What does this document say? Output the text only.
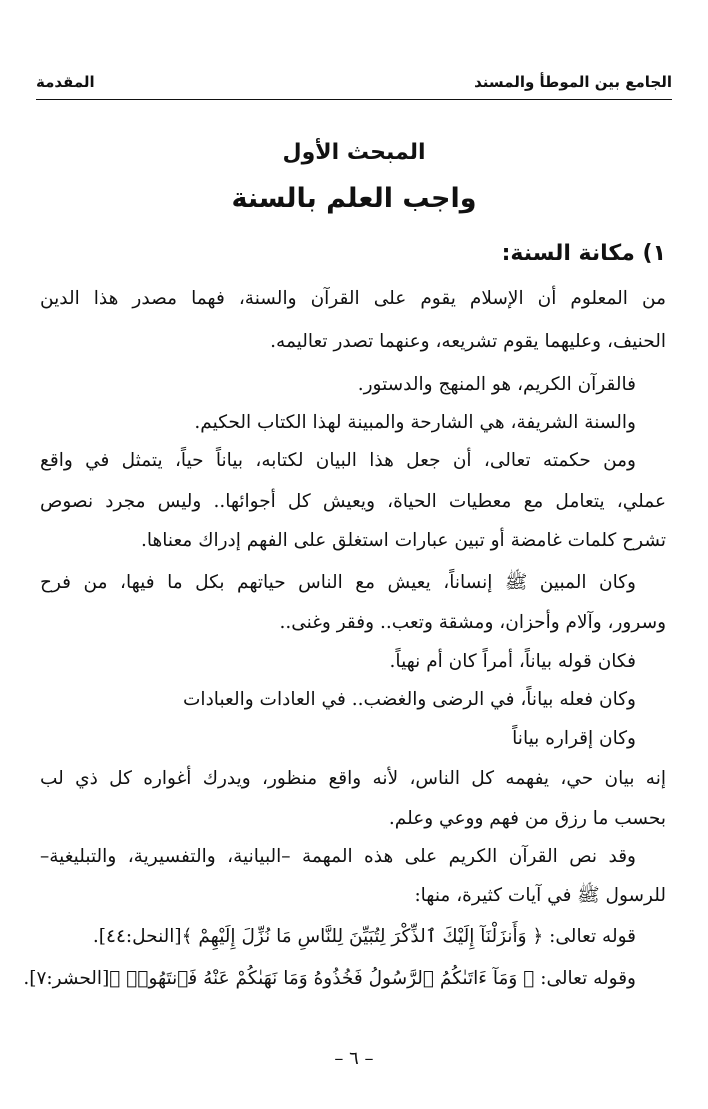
الجامع بين الموطأ والمسند
المقدمة
المبحث الأول
واجب العلم بالسنة
١) مكانة السنة:
من المعلوم أن الإسلام يقوم على القرآن والسنة، فهما مصدر هذا الدين
الحنيف، وعليهما يقوم تشريعه، وعنهما تصدر تعاليمه.
فالقرآن الكريم، هو المنهج والدستور.
والسنة الشريفة، هي الشارحة والمبينة لهذا الكتاب الحكيم.
ومن حكمته تعالى، أن جعل هذا البيان لكتابه، بياناً حياً، يتمثل في واقع
عملي، يتعامل مع معطيات الحياة، ويعيش كل أجوائها.. وليس مجرد نصوص
تشرح كلمات غامضة أو تبين عبارات استغلق على الفهم إدراك معناها.
وكان المبين ﷺ إنساناً، يعيش مع الناس حياتهم بكل ما فيها، من فرح
وسرور، وآلام وأحزان، ومشقة وتعب.. وفقر وغنى..
فكان قوله بياناً، أمراً كان أم نهياً.
وكان فعله بياناً، في الرضى والغضب.. في العادات والعبادات
وكان إقراره بياناً
إنه بيان حي، يفهمه كل الناس، لأنه واقع منظور، ويدرك أغواره كل ذي لب
بحسب ما رزق من فهم ووعي وعلم.
وقد نص القرآن الكريم على هذه المهمة –البيانية، والتفسيرية، والتبليغية–
للرسول ﷺ في آيات كثيرة، منها:
قوله تعالى: ﴿ وَأَنزَلْنَآ إِلَيْكَ ٱلذِّكْرَ لِتُبَيِّنَ لِلنَّاسِ مَا نُزِّلَ إِلَيْهِمْ ﴾[النحل:٤٤].
وقوله تعالى: ﴿ وَمَآ ءَاتَىٰكُمُ ٱلرَّسُولُ فَخُذُوهُ وَمَا نَهَىٰكُمْ عَنْهُ فَٱنتَهُوا۟ ﴾[الحشر:٧].
– ٦ –
